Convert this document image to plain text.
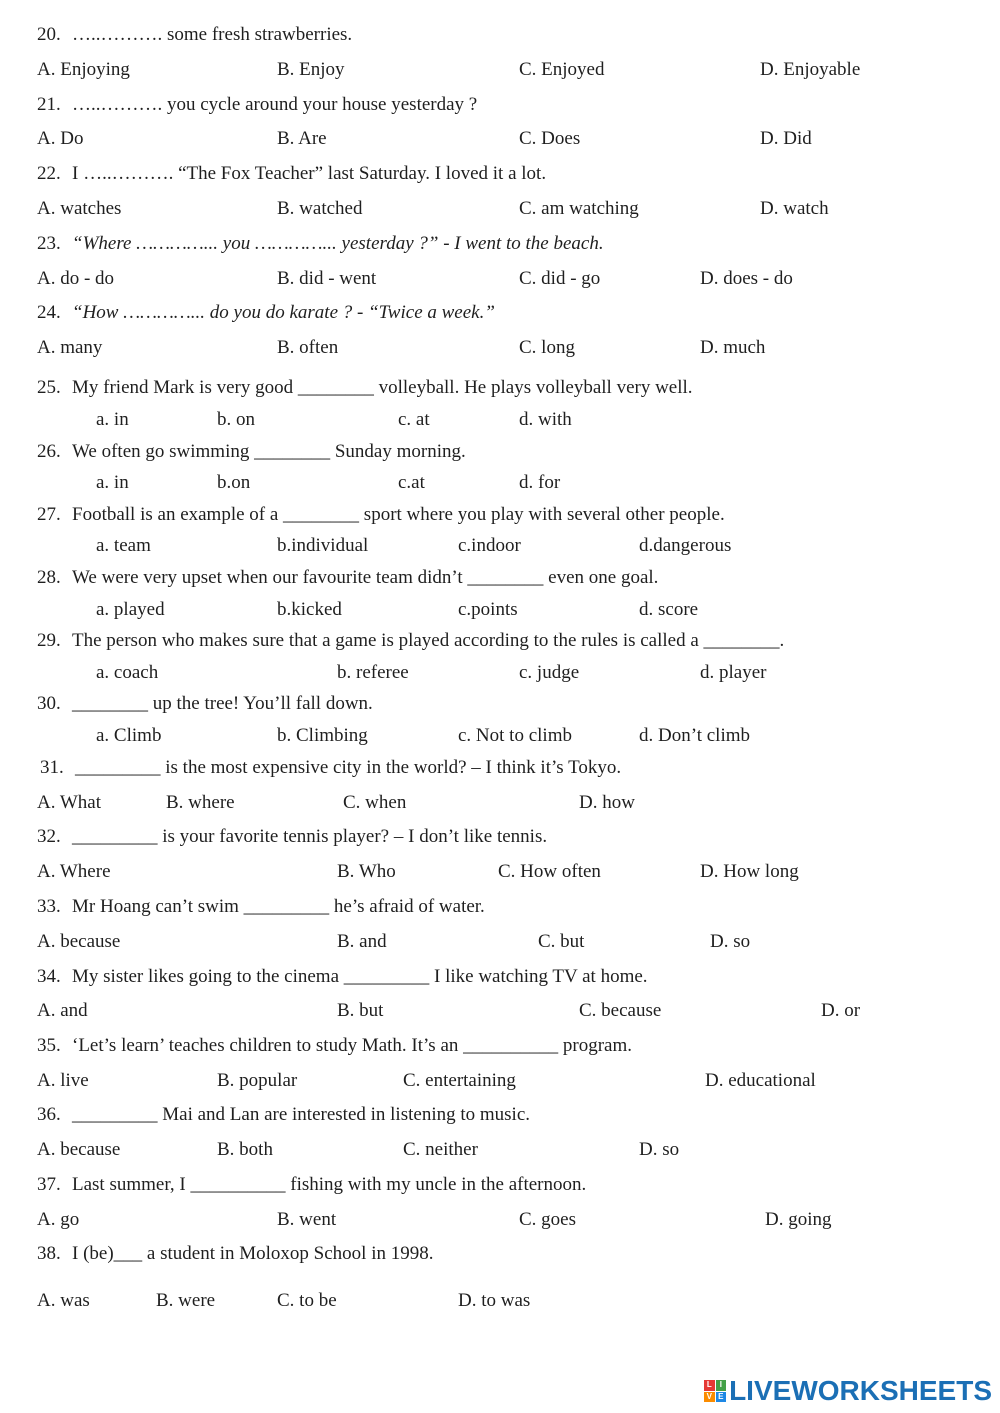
20. …..………. some fresh strawberries.
A. Enjoying	B. Enjoy	C. Enjoyed	D. Enjoyable
21. …..………. you cycle around your house yesterday ?
A. Do	B. Are	C. Does	D. Did
22. I …..………. “The Fox Teacher” last Saturday. I loved it a lot.
A. watches	B. watched	C. am watching	D. watch
23. “Where …………... you …………... yesterday ?” - I went to the beach.
A. do - do	B. did - went	C. did - go	D. does - do
24. “How …………... do you do karate ? - “Twice a week.”
A. many	B. often	C. long	D. much
25. My friend Mark is very good ________ volleyball. He plays volleyball very well.
a. in	b. on	c. at	d. with
26. We often go swimming ________ Sunday morning.
a. in	b.on	c.at	d. for
27. Football is an example of a ________ sport where you play with several other people.
a. team	b.individual	c.indoor	d.dangerous
28. We were very upset when our favourite team didn’t ________ even one goal.
a. played	b.kicked	c.points	d. score
29. The person who makes sure that a game is played according to the rules is called a ________.
a. coach	b. referee	c. judge	d. player
30. ________ up the tree! You’ll fall down.
a. Climb	b. Climbing	c. Not to climb	d. Don’t climb
31. _________ is the most expensive city in the world? – I think it’s Tokyo.
A. What	B. where	C. when	D. how
32. _________ is your favorite tennis player? – I don’t like tennis.
A. Where	B. Who	C. How often	D. How long
33. Mr Hoang can’t swim _________ he’s afraid of water.
A. because	B. and	C. but	D. so
34. My sister likes going to the cinema _________ I like watching TV at home.
A. and	B. but	C. because	D. or
35. ‘Let’s learn’ teaches children to study Math. It’s an __________ program.
A. live	B. popular	C. entertaining	D. educational
36. _________ Mai and Lan are interested in listening to music.
A. because	B. both	C. neither	D. so
37. Last summer, I __________ fishing with my uncle in the afternoon.
A. go	B. went	C. goes	D. going
38. I (be)___ a student in Moloxop School in 1998.
A. was	B. were	C. to be	D. to was
L I
V E LIVEWORKSHEETS
